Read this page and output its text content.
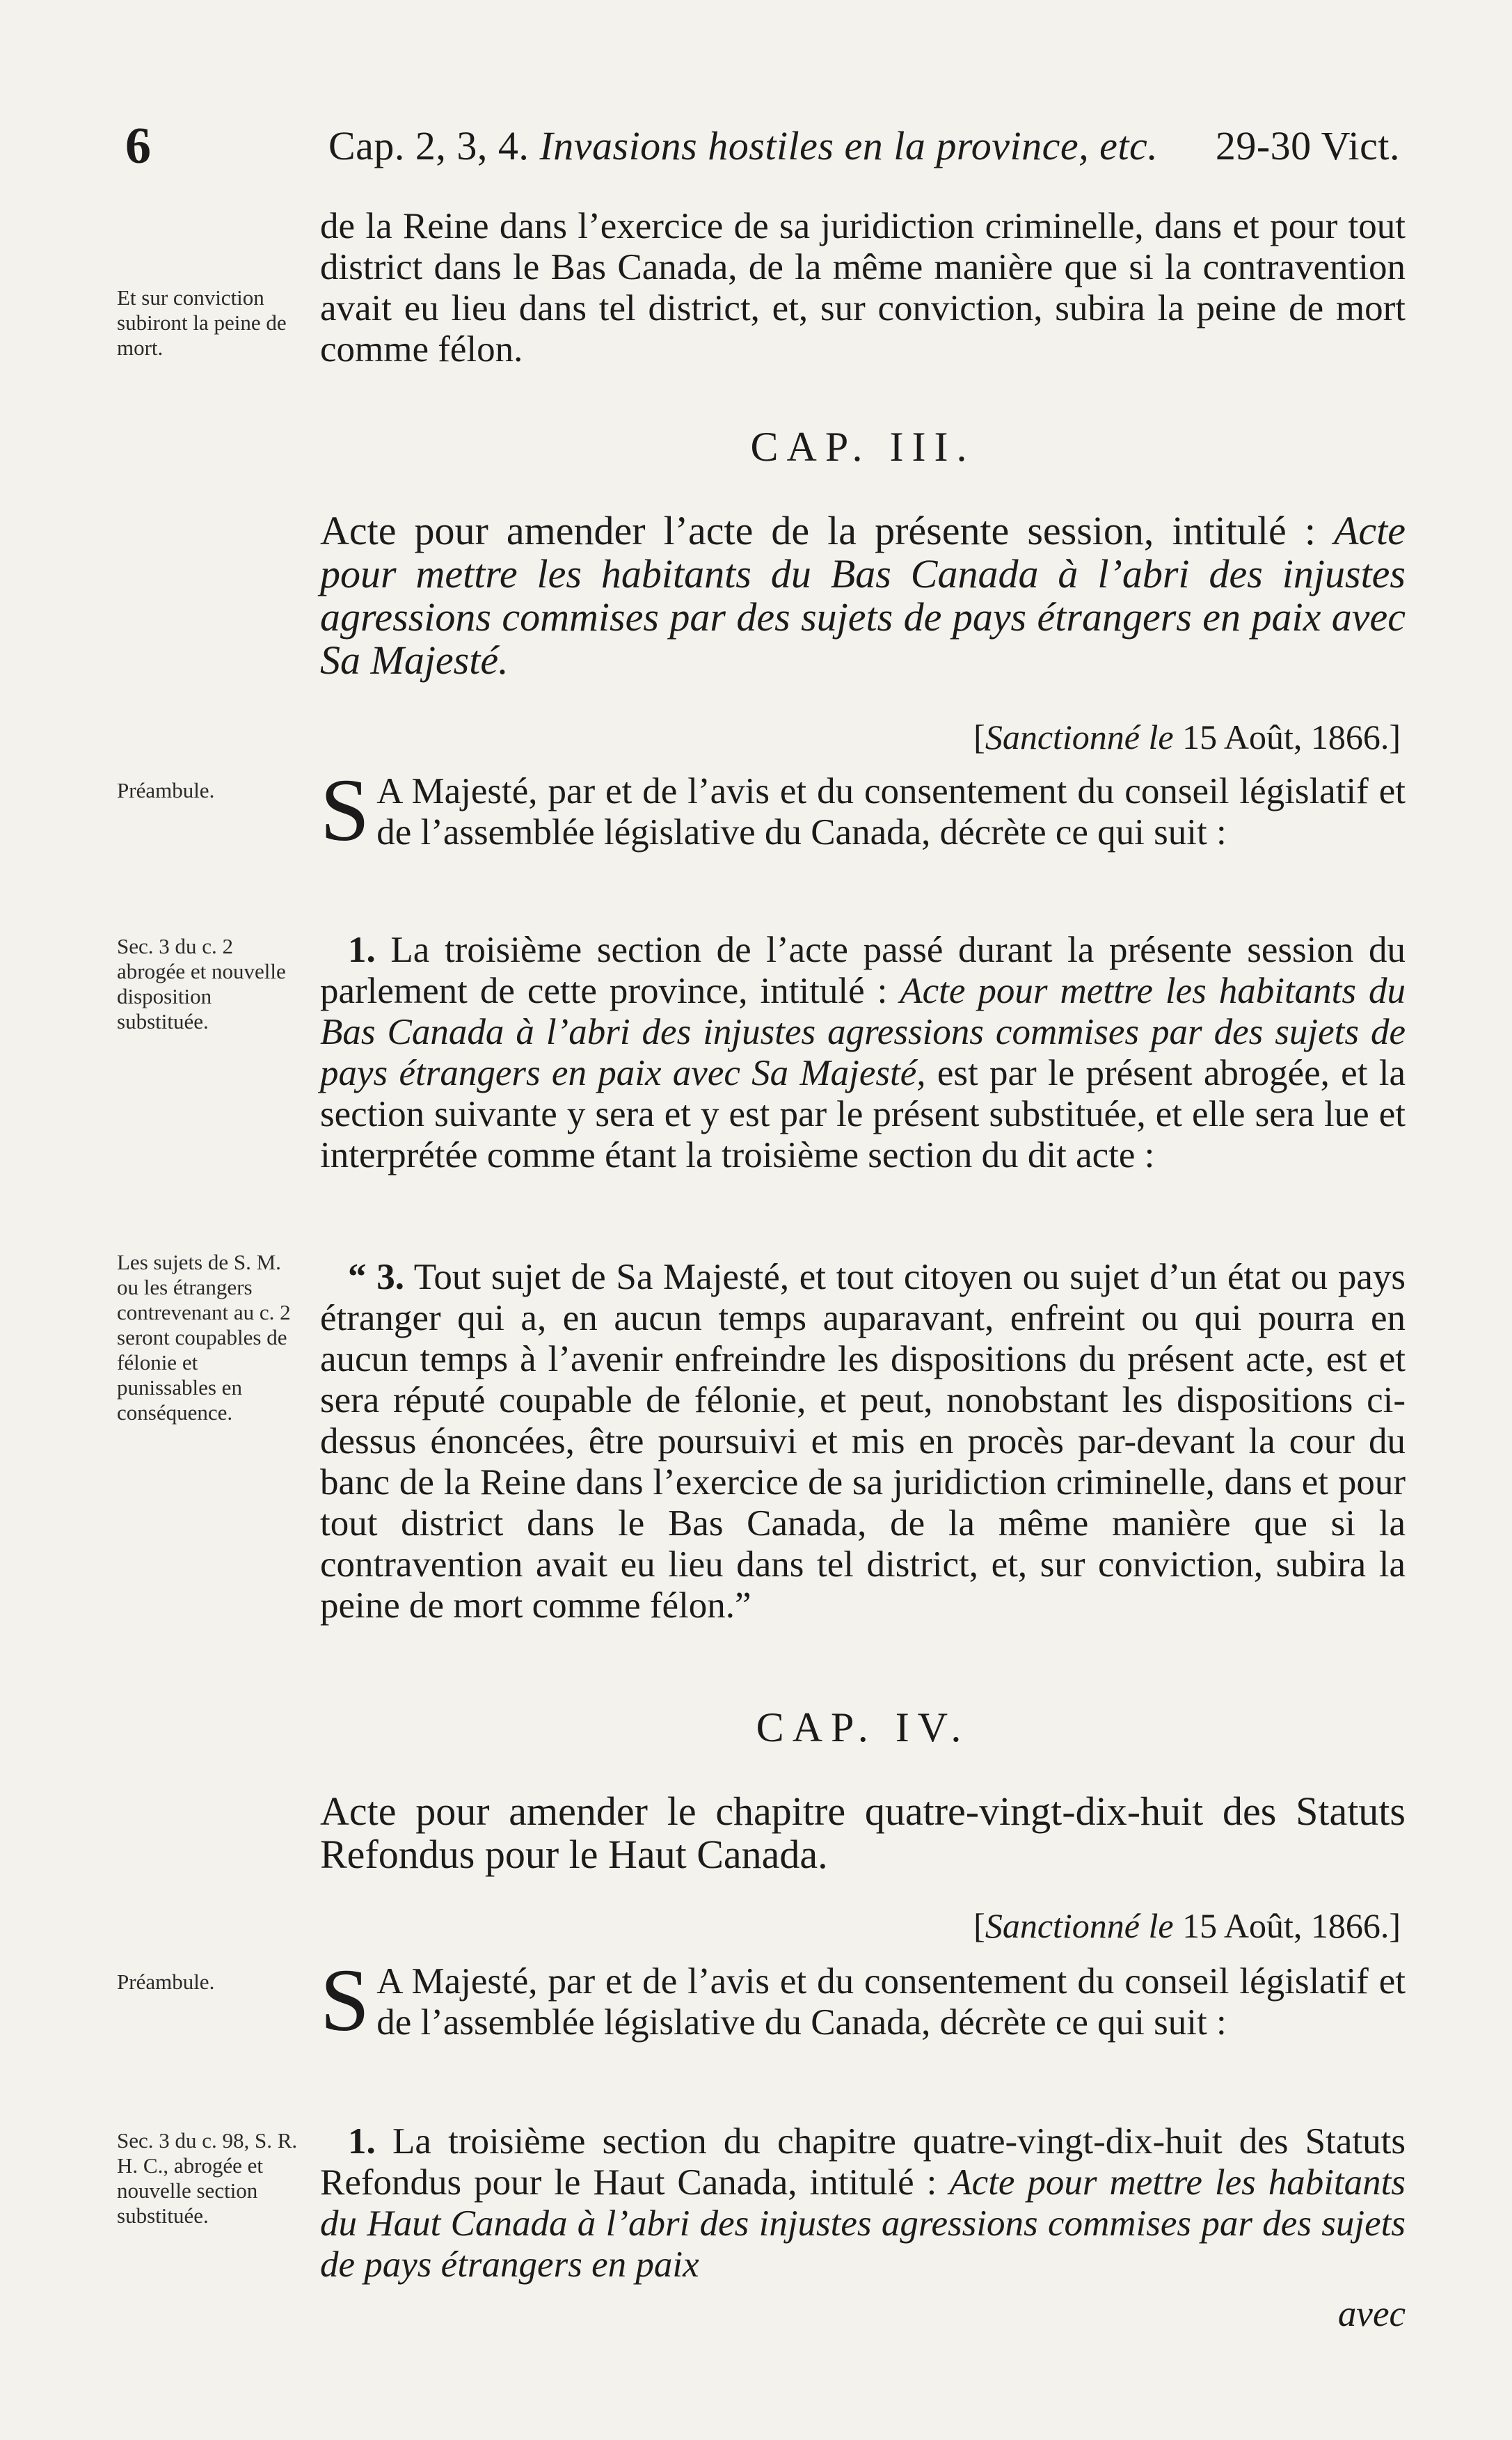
6	Cap. 2, 3, 4. Invasions hostiles en la province, etc. 29-30 Vict.
de la Reine dans l’exercice de sa juridiction criminelle, dans et pour tout district dans le Bas Canada, de la même manière que si la contravention avait eu lieu dans tel district, et, sur conviction, subira la peine de mort comme félon.
Et sur conviction subiront la peine de mort.
CAP. III.
Acte pour amender l’acte de la présente session, intitulé : Acte pour mettre les habitants du Bas Canada à l’abri des injustes agressions commises par des sujets de pays étrangers en paix avec Sa Majesté.
[Sanctionné le 15 Août, 1866.]
Préambule.	S A Majesté, par et de l’avis et du consentement du conseil législatif et de l’assemblée législative du Canada, décrète ce qui suit :
Sec. 3 du c. 2 abrogée et nouvelle disposition substituée.
1. La troisième section de l’acte passé durant la présente session du parlement de cette province, intitulé : Acte pour mettre les habitants du Bas Canada à l’abri des injustes agressions commises par des sujets de pays étrangers en paix avec Sa Majesté, est par le présent abrogée, et la section suivante y sera et y est par le présent substituée, et elle sera lue et interprétée comme étant la troisième section du dit acte :
Les sujets de S. M. ou les étrangers contrevenant au c. 2 seront coupables de félonie et punissables en conséquence.
“ 3. Tout sujet de Sa Majesté, et tout citoyen ou sujet d’un état ou pays étranger qui a, en aucun temps auparavant, enfreint ou qui pourra en aucun temps à l’avenir enfreindre les dispositions du présent acte, est et sera réputé coupable de félonie, et peut, nonobstant les dispositions ci-dessus énoncées, être poursuivi et mis en procès par-devant la cour du banc de la Reine dans l’exercice de sa juridiction criminelle, dans et pour tout district dans le Bas Canada, de la même manière que si la contravention avait eu lieu dans tel district, et, sur conviction, subira la peine de mort comme félon.”
CAP. IV.
Acte pour amender le chapitre quatre-vingt-dix-huit des Statuts Refondus pour le Haut Canada.
[Sanctionné le 15 Août, 1866.]
Préambule.	S A Majesté, par et de l’avis et du consentement du conseil législatif et de l’assemblée législative du Canada, décrète ce qui suit :
Sec. 3 du c. 98, S. R. H. C., abrogée et nouvelle section substituée.
1. La troisième section du chapitre quatre-vingt-dix-huit des Statuts Refondus pour le Haut Canada, intitulé : Acte pour mettre les habitants du Haut Canada à l’abri des injustes agressions commises par des sujets de pays étrangers en paix
avec
